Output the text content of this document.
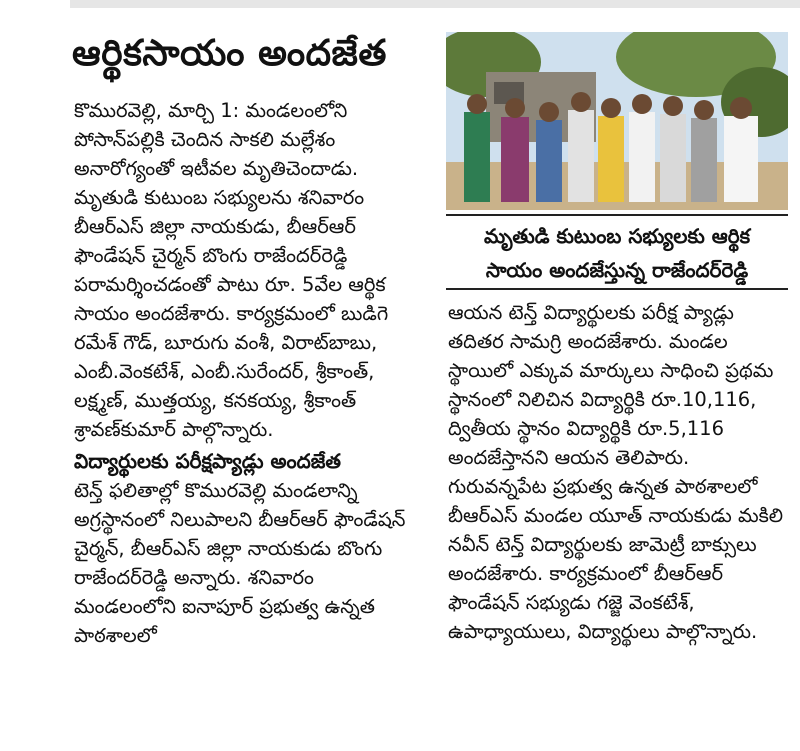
ఆర్థికసాయం అందజేత

కొమురవెల్లి, మార్చి 1: మండలంలోని పోసాన్‌పల్లికి చెందిన సాకలి మల్లేశం అనారోగ్యంతో ఇటీవల మృతిచెందాడు. మృతుడి కుటుంబ సభ్యులను శనివారం బీఆర్‌ఎస్ జిల్లా నాయకుడు, బీఆర్‌ఆర్ ఫౌండేషన్ చైర్మన్ బొంగు రాజేందర్‌రెడ్డి పరామర్శించడంతో పాటు రూ. 5వేల ఆర్థిక సాయం అందజేశారు. కార్యక్రమంలో బుడిగె రమేశ్ గౌడ్, బూరుగు వంశీ, విరాట్‌బాబు, ఎంబీ.వెంకటేశ్, ఎంబీ.సురేందర్, శ్రీకాంత్, లక్ష్మణ్, ముత్తయ్య, కనకయ్య, శ్రీకాంత్ శ్రావణ్‌కుమార్ పాల్గొన్నారు.

విద్యార్థులకు పరీక్షప్యాడ్లు అందజేత

టెన్త్ ఫలితాల్లో కొమురవెల్లి మండలాన్ని అగ్రస్థానంలో నిలుపాలని బీఆర్‌ఆర్ ఫౌండేషన్ చైర్మన్, బీఆర్‌ఎస్ జిల్లా నాయకుడు బొంగు రాజేందర్‌రెడ్డి అన్నారు. శనివారం మండలంలోని ఐనాపూర్ ప్రభుత్వ ఉన్నత పాఠశాలలో

మృతుడి కుటుంబ సభ్యులకు ఆర్థిక
సాయం అందజేస్తున్న రాజేందర్‌రెడ్డి

ఆయన టెన్త్ విద్యార్థులకు పరీక్ష ప్యాడ్లు తదితర సామగ్రి అందజేశారు. మండల స్థాయిలో ఎక్కువ మార్కులు సాధించి ప్రథమ స్థానంలో నిలిచిన విద్యార్థికి రూ.10,116, ద్వితీయ స్థానం విద్యార్థికి రూ.5,116 అందజేస్తానని ఆయన తెలిపారు. గురువన్నపేట ప్రభుత్వ ఉన్నత పాఠశాలలో బీఆర్‌ఎస్ మండల యూత్ నాయకుడు మకిలి నవీన్ టెన్త్ విద్యార్థులకు జామెట్రీ బాక్సులు అందజేశారు. కార్యక్రమంలో బీఆర్‌ఆర్ ఫౌండేషన్ సభ్యుడు గజ్జె వెంకటేశ్, ఉపాధ్యాయులు, విద్యార్థులు పాల్గొన్నారు.
